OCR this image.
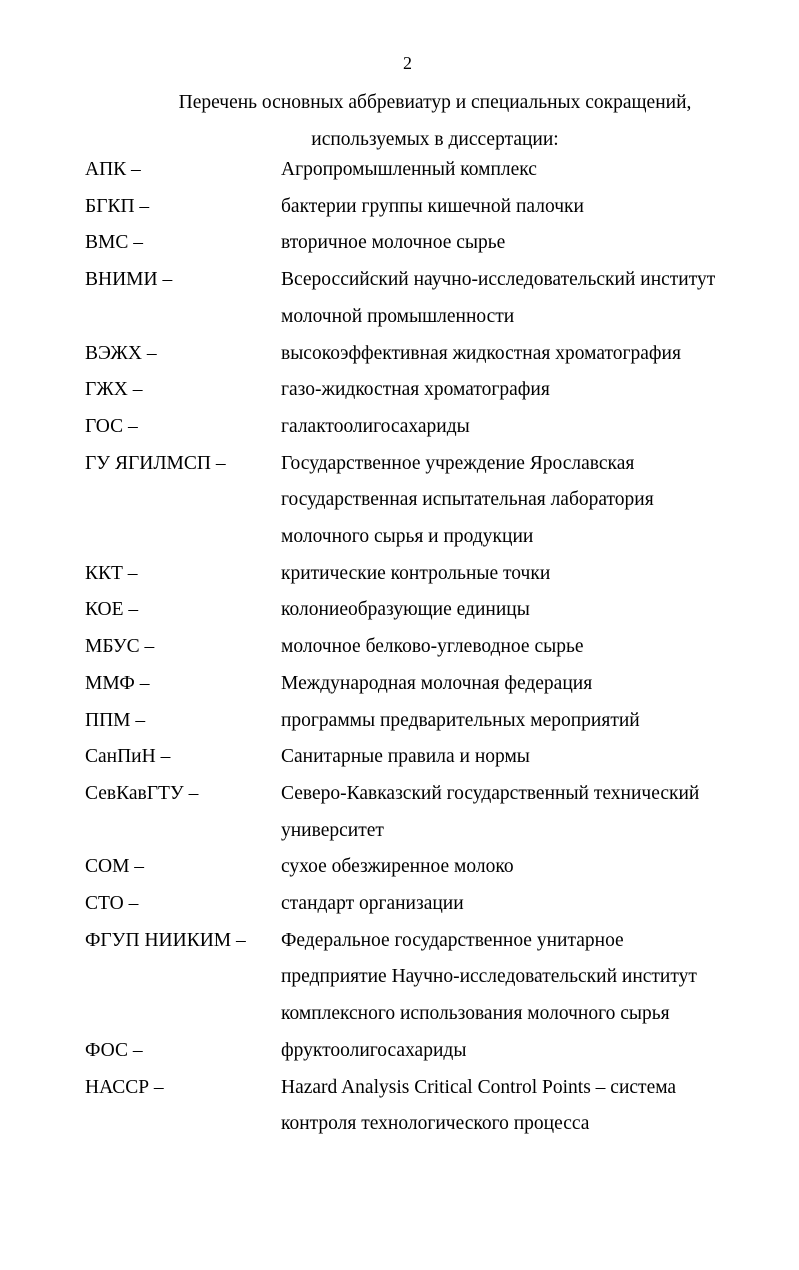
2
Перечень основных аббревиатур и специальных сокращений,
используемых в диссертации:
АПК –	Агропромышленный комплекс
БГКП –	бактерии группы кишечной палочки
ВМС –	вторичное молочное сырье
ВНИМИ –	Всероссийский научно-исследовательский институт
молочной промышленности
ВЭЖХ –	высокоэффективная жидкостная хроматография
ГЖХ –	газо-жидкостная хроматография
ГОС –	галактоолигосахариды
ГУ ЯГИЛМСП –	Государственное учреждение Ярославская
государственная испытательная лаборатория
молочного сырья и продукции
ККТ –	критические контрольные точки
КОЕ –	колониеобразующие единицы
МБУС –	молочное белково-углеводное сырье
ММФ –	Международная молочная федерация
ППМ –	программы предварительных мероприятий
СанПиН –	Санитарные правила и нормы
СевКавГТУ –	Северо-Кавказский государственный технический
университет
СОМ –	сухое обезжиренное молоко
СТО –	стандарт организации
ФГУП НИИКИМ –	Федеральное государственное унитарное
предприятие Научно-исследовательский институт
комплексного использования молочного сырья
ФОС –	фруктоолигосахариды
НАССР –	Hazard Analysis Critical Control Points – система
контроля технологического процесса
